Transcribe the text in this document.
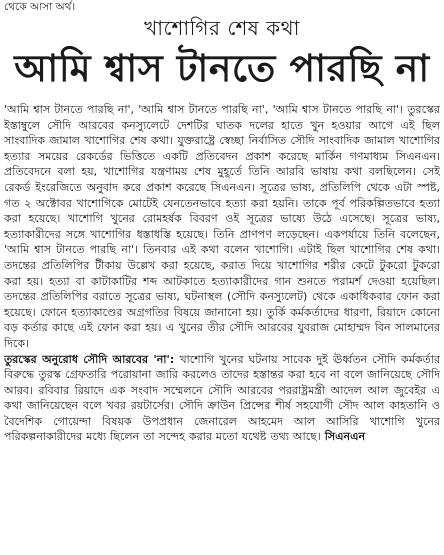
থেকে আসা অর্থ।
খাশোগির শেষ কথা
আমি শ্বাস টানতে পারছি না

'আমি শ্বাস টানতে পারছি না', 'আমি শ্বাস টানতে পারছি না', 'আমি শ্বাস টানতে পারছি না'। তুরস্কের ইস্তাম্বুলে সৌদি আরবের কনস্যুলেটে দেশটির ঘাতক দলের হাতে খুন হওয়ার আগে এই ছিল সাংবাদিক জামাল খাশোগির শেষ কথা। যুক্তরাষ্ট্রে স্বেচ্ছা নির্বাসিত সৌদি সাংবাদিক জামাল খাশোগির হত্যার সময়ের রেকর্ডের ভিত্তিতে একটি প্রতিবেদন প্রকাশ করেছে মার্কিন গণমাধ্যম সিএনএন। প্রতিবেদনে বলা হয়, খাশোগির যন্ত্রণাময় শেষ মুহূর্তে তিনি আরবি ভাষায় কথা বলছিলেন। সেই রেকর্ড ইংরেজিতে অনুবাদ করে প্রকাশ করেছে সিএনএন। সূত্রের ভাষ্য, প্রতিলিপি থেকে এটা স্পষ্ট, গত ২ অক্টোবর খাশোগিকে মোটেই যেনতেনভাবে হত্যা করা হয়নি। তাকে পূর্ব পরিকল্পিতভাবে হত্যা করা হয়েছে। খাশোগি খুনের রোমহর্ষক বিবরণ ওই সূত্রের ভাষ্যে উঠে এসেছে। সূত্রের ভাষ্য, হত্যাকারীদের সঙ্গে খাশোগির ধস্তাধস্তি হয়েছে। তিনি প্রাণপণ লড়েছেন। একপর্যায়ে তিনি বলেছেন, 'আমি শ্বাস টানতে পারছি না'। তিনবার এই কথা বলেন খাশোগি। এটাই ছিল খাশোগির শেষ কথা। তদন্তের প্রতিলিপির টীকায় উল্লেখ করা হয়েছে, করাত দিয়ে খাশোগির শরীর কেটে টুকরো টুকরো করা হয়। হত্যা বা কাটাকাটির শব্দ আটকাতে হত্যাকারীদের গান শুনতে পরামর্শ দেওয়া হয়েছিল। তদন্তের প্রতিলিপির বরাতে সূত্রের ভাষ্য, ঘটনাস্থল (সৌদি কনস্যুলেট) থেকে একাধিকবার ফোন করা হয়েছে। ফোনে হত্যাকাণ্ডের অগ্রগতির বিষয়ে জানানো হয়। তুর্কি কর্মকর্তাদের ধারণা, রিয়াদে কোনো বড় কর্তার কাছে এই ফোন করা হয়। এ খুনের তীর সৌদি আরবের যুবরাজ মোহাম্মদ বিন সালমানের দিকে।

তুরস্কের অনুরোধ সৌদি আরবের 'না': খাশোগি খুনের ঘটনায় সাবেক দুই ঊর্ধ্বতন সৌদি কর্মকর্তার বিরুদ্ধে তুরস্ক গ্রেফতারি পরোয়ানা জারি করলেও তাদের হস্তান্তর করা হবে না বলে জানিয়েছে সৌদি আরব। রবিবার রিয়াদে এক সংবাদ সম্মেলনে সৌদি আরবের পররাষ্ট্রমন্ত্রী আদেল আল জুবেইর এ কথা জানিয়েছেন বলে খবর রয়টার্সের। সৌদি ক্রাউন প্রিন্সের শীর্ষ সহযোগী সৌদ আল কাহতানি ও বৈদেশিক গোয়েন্দা বিষয়ক উপপ্রধান জেনারেল আহমেদ আল আসিরি খাশোগি খুনের পরিকল্পনাকারীদের মধ্যে ছিলেন তা সন্দেহ করার মতো যথেষ্ট তথ্য আছে। সিএনএন
